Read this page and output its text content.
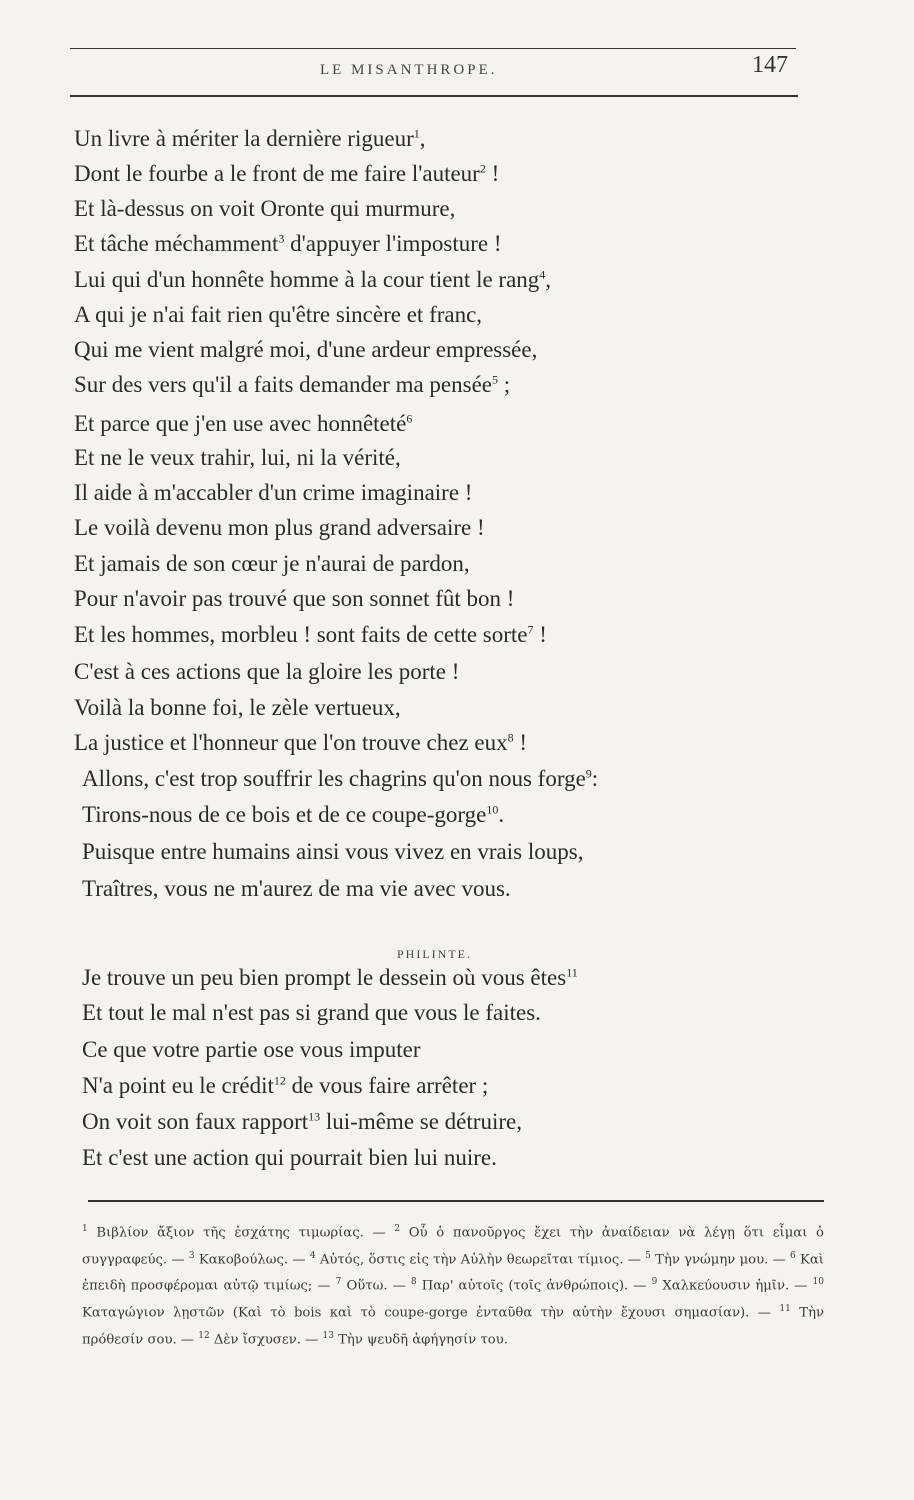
LE MISANTHROPE.	147
Un livre à mériter la dernière rigueur$^1$,
Dont le fourbe a le front de me faire l'auteur$^2$ !
Et là-dessus on voit Oronte qui murmure,
Et tâche méchamment$^3$ d'appuyer l'imposture !
Lui qui d'un honnête homme à la cour tient le rang$^4$,
A qui je n'ai fait rien qu'être sincère et franc,
Qui me vient malgré moi, d'une ardeur empressée,
Sur des vers qu'il a faits demander ma pensée$^5$ ;
Et parce que j'en use avec honnêteté$^6$
Et ne le veux trahir, lui, ni la vérité,
Il aide à m'accabler d'un crime imaginaire !
Le voilà devenu mon plus grand adversaire !
Et jamais de son cœur je n'aurai de pardon,
Pour n'avoir pas trouvé que son sonnet fût bon !
Et les hommes, morbleu ! sont faits de cette sorte$^7$ !
C'est à ces actions que la gloire les porte !
Voilà la bonne foi, le zèle vertueux,
La justice et l'honneur que l'on trouve chez eux$^8$ !
Allons, c'est trop souffrir les chagrins qu'on nous forge$^9$:
Tirons-nous de ce bois et de ce coupe-gorge$^{10}$.
Puisque entre humains ainsi vous vivez en vrais loups,
Traîtres, vous ne m'aurez de ma vie avec vous.
Je trouve un peu bien prompt le dessein où vous êtes$^{11}$
Et tout le mal n'est pas si grand que vous le faites.
Ce que votre partie ose vous imputer
N'a point eu le crédit$^{12}$ de vous faire arrêter ;
On voit son faux rapport$^{13}$ lui-même se détruire,
Et c'est une action qui pourrait bien lui nuire.
PHILINTE.
$^1$ Βιβλίον ἄξιον τῆς ἐσχάτης τιμωρίας. — $^2$ Οὗ ὁ πανοῦργος ἔχει τὴν ἀναίδειαν νὰ λέγῃ ὅτι εἶμαι ὁ συγγραφεύς. — $^3$ Κακοβούλως. — $^4$ Αὐτός, ὅστις εἰς τὴν Αὐλὴν θεωρεῖται τίμιος. — $^5$ Τὴν γνώμην μου. — $^6$ Καὶ ἐπειδὴ προσφέρομαι αὐτῷ τιμίως; — $^7$ Οὕτω. — $^8$ Παρ' αὐτοῖς (τοῖς ἀνθρώποις). — $^9$ Χαλκεύουσιν ἡμῖν. — $^{10}$ Καταγώγιον λῃστῶν (Καὶ τὸ bois καὶ τὸ coupe-gorge ἐνταῦθα τὴν αὐτὴν ἔχουσι σημασίαν). — $^{11}$ Τὴν πρόθεσίν σου. — $^{12}$ Δὲν ἴσχυσεν. — $^{13}$ Τὴν ψευδῆ ἀφήγησίν του.
